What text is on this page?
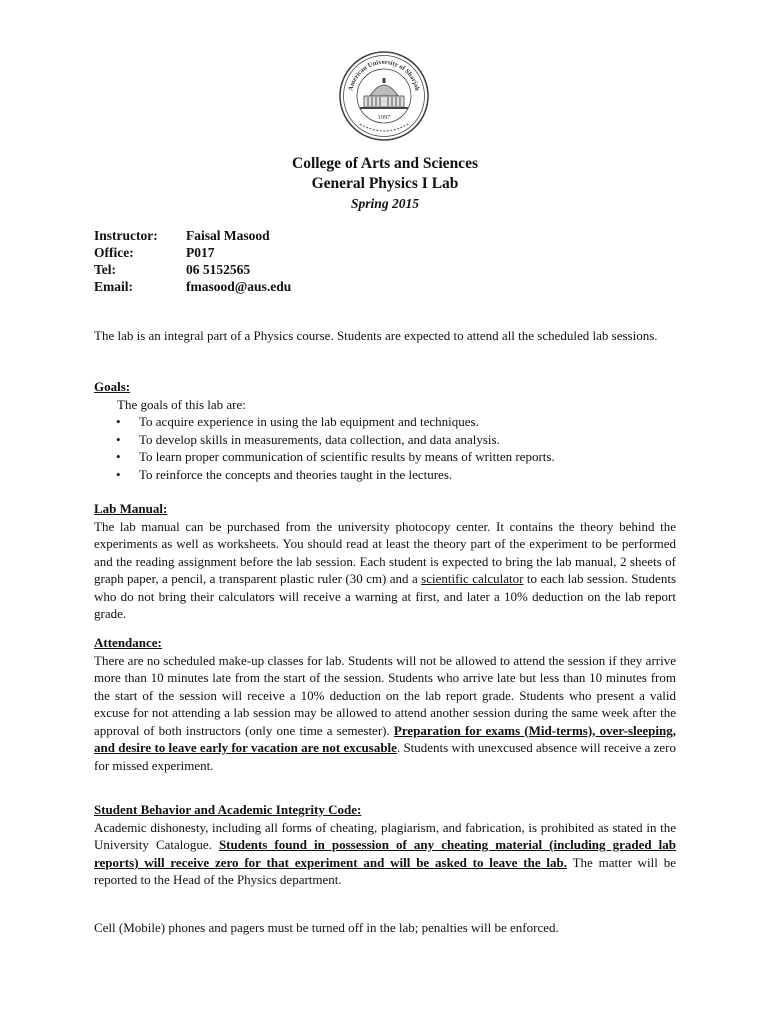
American University of Sharjah
1997
College of Arts and Sciences
General Physics I Lab
Spring 2015
Instructor:	Faisal Masood
Office:	P017
Tel:	06 5152565
Email:	fmasood@aus.edu
The lab is an integral part of a Physics course. Students are expected to attend all the scheduled lab sessions.
Goals:
The goals of this lab are:
• To acquire experience in using the lab equipment and techniques.
• To develop skills in measurements, data collection, and data analysis.
• To learn proper communication of scientific results by means of written reports.
• To reinforce the concepts and theories taught in the lectures.
Lab Manual:
The lab manual can be purchased from the university photocopy center. It contains the theory behind the experiments as well as worksheets. You should read at least the theory part of the experiment to be performed and the reading assignment before the lab session. Each student is expected to bring the lab manual, 2 sheets of graph paper, a pencil, a transparent plastic ruler (30 cm) and a scientific calculator to each lab session. Students who do not bring their calculators will receive a warning at first, and later a 10% deduction on the lab report grade.
Attendance:
There are no scheduled make-up classes for lab. Students will not be allowed to attend the session if they arrive more than 10 minutes late from the start of the session. Students who arrive late but less than 10 minutes from the start of the session will receive a 10% deduction on the lab report grade. Students who present a valid excuse for not attending a lab session may be allowed to attend another session during the same week after the approval of both instructors (only one time a semester). Preparation for exams (Mid-terms), over-sleeping, and desire to leave early for vacation are not excusable. Students with unexcused absence will receive a zero for missed experiment.
Student Behavior and Academic Integrity Code:
Academic dishonesty, including all forms of cheating, plagiarism, and fabrication, is prohibited as stated in the University Catalogue. Students found in possession of any cheating material (including graded lab reports) will receive zero for that experiment and will be asked to leave the lab. The matter will be reported to the Head of the Physics department.
Cell (Mobile) phones and pagers must be turned off in the lab; penalties will be enforced.
